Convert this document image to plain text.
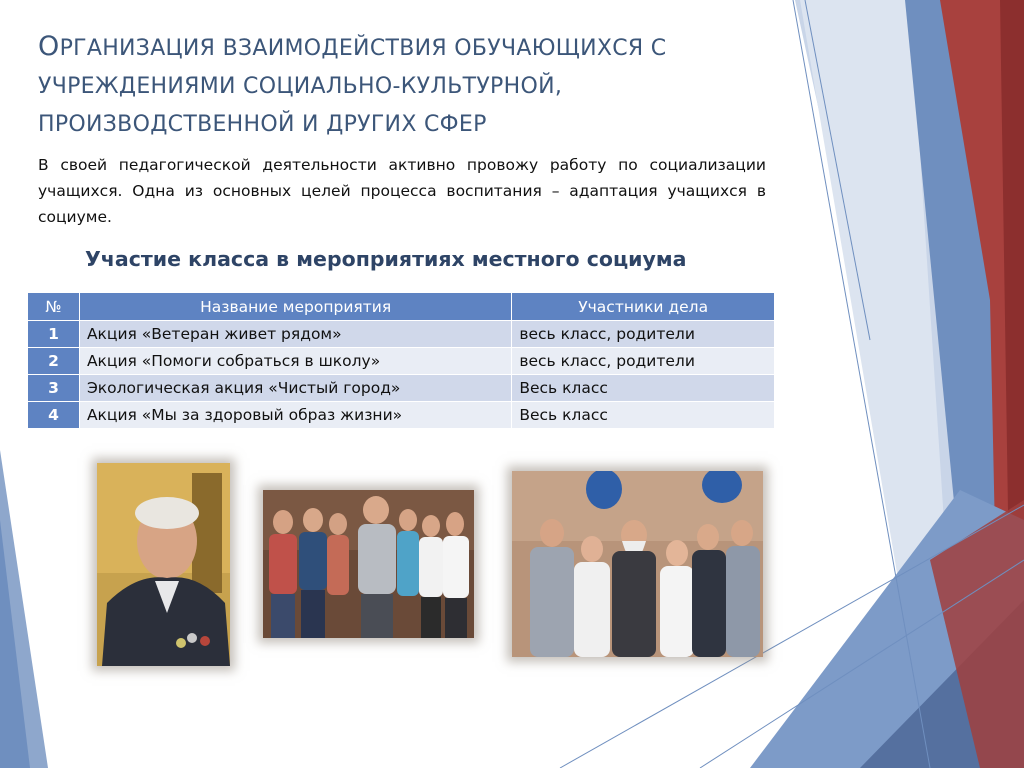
ОРГАНИЗАЦИЯ ВЗАИМОДЕЙСТВИЯ ОБУЧАЮЩИХСЯ С
УЧРЕЖДЕНИЯМИ СОЦИАЛЬНО-КУЛЬТУРНОЙ,
ПРОИЗВОДСТВЕННОЙ И ДРУГИХ СФЕР
В своей педагогической деятельности активно провожу работу по социализации учащихся. Одна из основных целей процесса воспитания – адаптация учащихся в социуме.
Участие класса в мероприятиях местного социума
№	Название мероприятия	Участники дела
1	Акция «Ветеран живет рядом»	весь класс, родители
2	Акция «Помоги собраться в школу»	весь класс, родители
3	Экологическая акция «Чистый город»	Весь класс
4	Акция «Мы за здоровый образ жизни»	Весь класс
